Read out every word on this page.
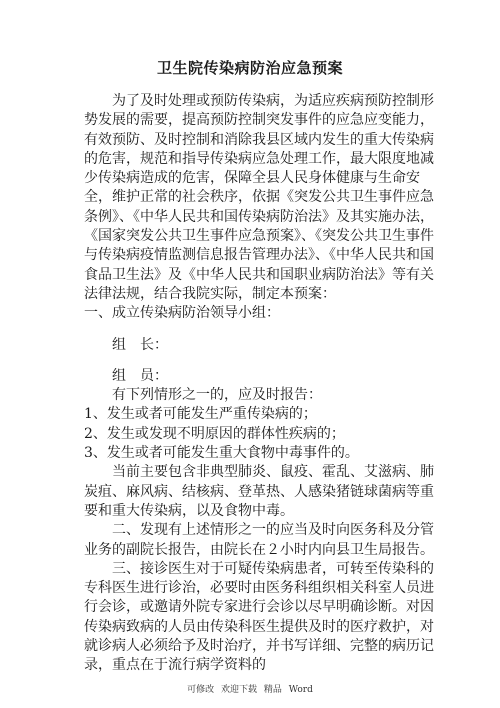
卫生院传染病防治应急预案

为了及时处理或预防传染病，为适应疾病预防控制形势发展的需要，提高预防控制突发事件的应急应变能力，有效预防、及时控制和消除我县区域内发生的重大传染病的危害，规范和指导传染病应急处理工作，最大限度地减少传染病造成的危害，保障全县人民身体健康与生命安全，维护正常的社会秩序，依据《突发公共卫生事件应急条例》、《中华人民共和国传染病防治法》及其实施办法，《国家突发公共卫生事件应急预案》、《突发公共卫生事件与传染病疫情监测信息报告管理办法》、《中华人民共和国食品卫生法》及《中华人民共和国职业病防治法》等有关法律法规，结合我院实际，制定本预案：

一、成立传染病防治领导小组：

组　长：

组　员：

有下列情形之一的，应及时报告：

1、发生或者可能发生严重传染病的；

2、发生或发现不明原因的群体性疾病的；

3、发生或者可能发生重大食物中毒事件的。

当前主要包含非典型肺炎、鼠疫、霍乱、艾滋病、肺炭疽、麻风病、结核病、登革热、人感染猪链球菌病等重要和重大传染病，以及食物中毒。

二、发现有上述情形之一的应当及时向医务科及分管业务的副院长报告，由院长在２小时内向县卫生局报告。

三、接诊医生对于可疑传染病患者，可转至传染科的专科医生进行诊治，必要时由医务科组织相关科室人员进行会诊，或邀请外院专家进行会诊以尽早明确诊断。对因传染病致病的人员由传染科医生提供及时的医疗救护，对就诊病人必须给予及时治疗，并书写详细、完整的病历记录，重点在于流行病学资料的

可修改 欢迎下载 精品 Word
